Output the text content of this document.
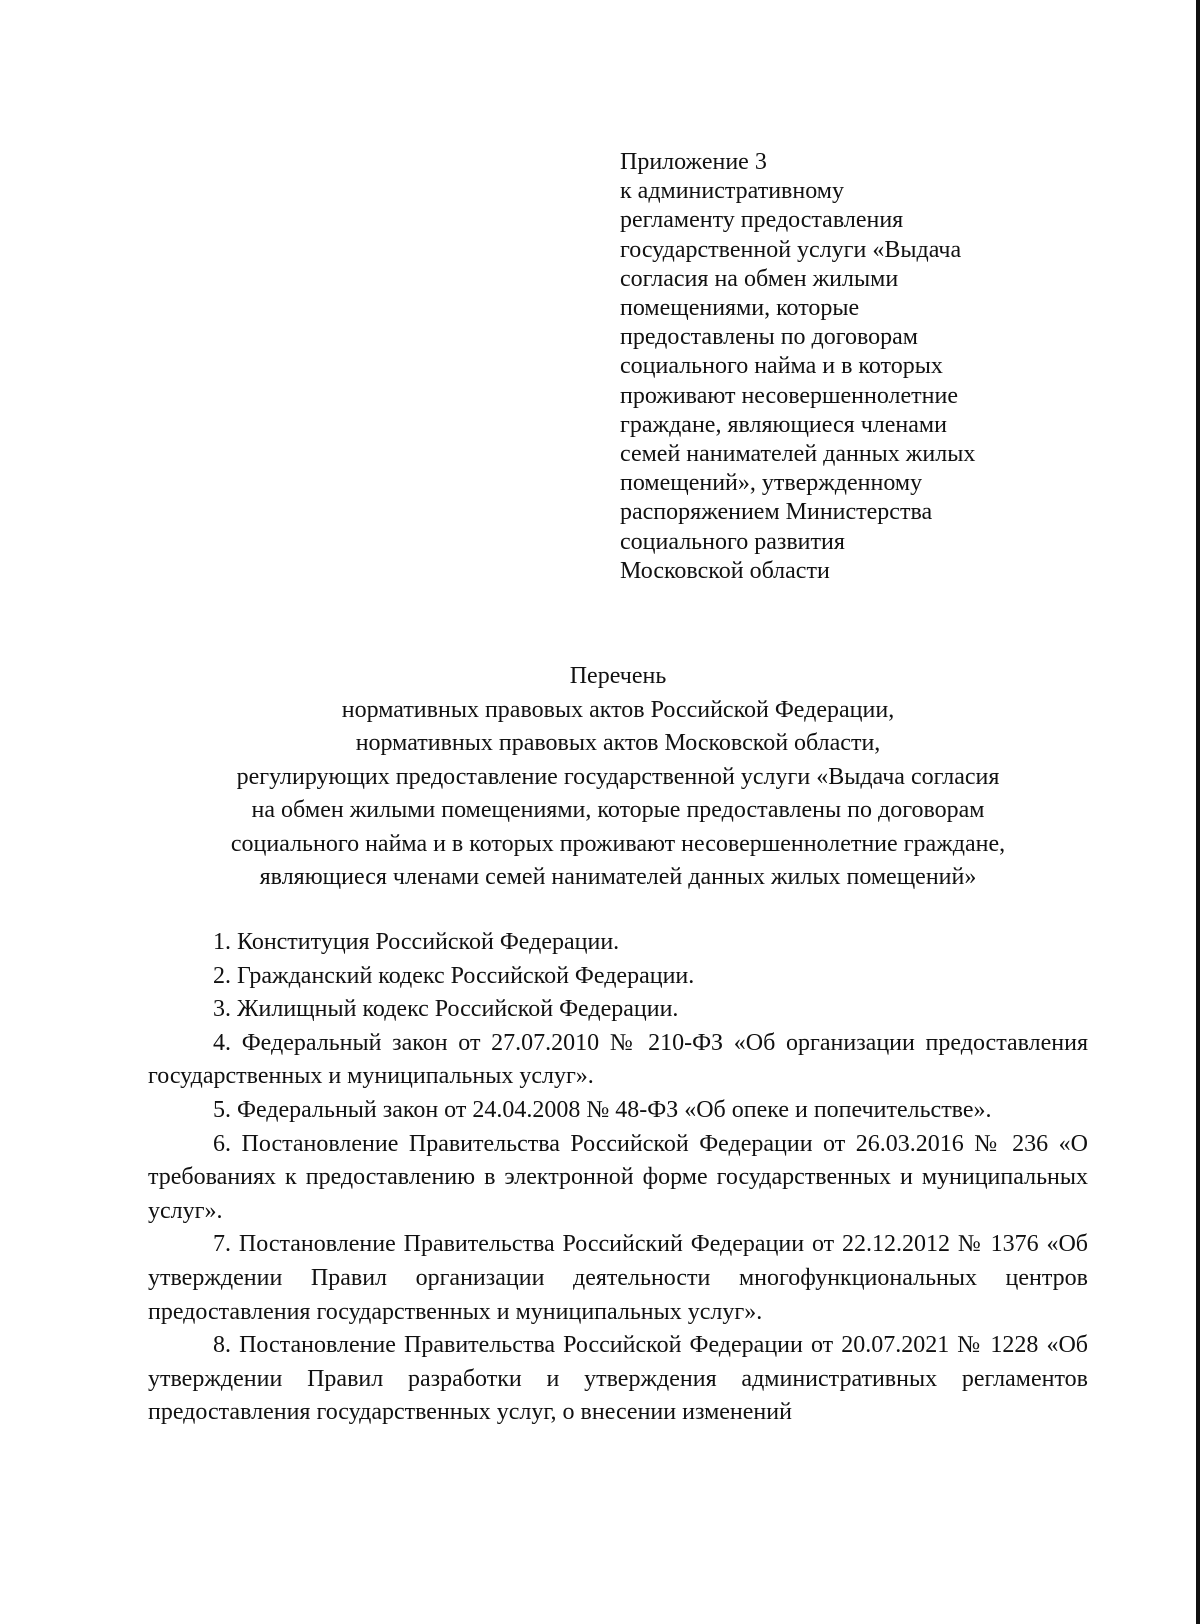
Приложение 3
к административному
регламенту предоставления
государственной услуги «Выдача
согласия на обмен жилыми
помещениями, которые
предоставлены по договорам
социального найма и в которых
проживают несовершеннолетние
граждане, являющиеся членами
семей нанимателей данных жилых
помещений», утвержденному
распоряжением Министерства
социального развития
Московской области
Перечень
нормативных правовых актов Российской Федерации,
нормативных правовых актов Московской области,
регулирующих предоставление государственной услуги «Выдача согласия
на обмен жилыми помещениями, которые предоставлены по договорам
социального найма и в которых проживают несовершеннолетние граждане,
являющиеся членами семей нанимателей данных жилых помещений»
1. Конституция Российской Федерации.
2. Гражданский кодекс Российской Федерации.
3. Жилищный кодекс Российской Федерации.
4. Федеральный закон от 27.07.2010 № 210-ФЗ «Об организации предоставления государственных и муниципальных услуг».
5. Федеральный закон от 24.04.2008 № 48-ФЗ «Об опеке и попечительстве».
6. Постановление Правительства Российской Федерации от 26.03.2016 № 236 «О требованиях к предоставлению в электронной форме государственных и муниципальных услуг».
7. Постановление Правительства Российский Федерации от 22.12.2012 № 1376 «Об утверждении Правил организации деятельности многофункциональных центров предоставления государственных и муниципальных услуг».
8. Постановление Правительства Российской Федерации от 20.07.2021 № 1228 «Об утверждении Правил разработки и утверждения административных регламентов предоставления государственных услуг, о внесении изменений
